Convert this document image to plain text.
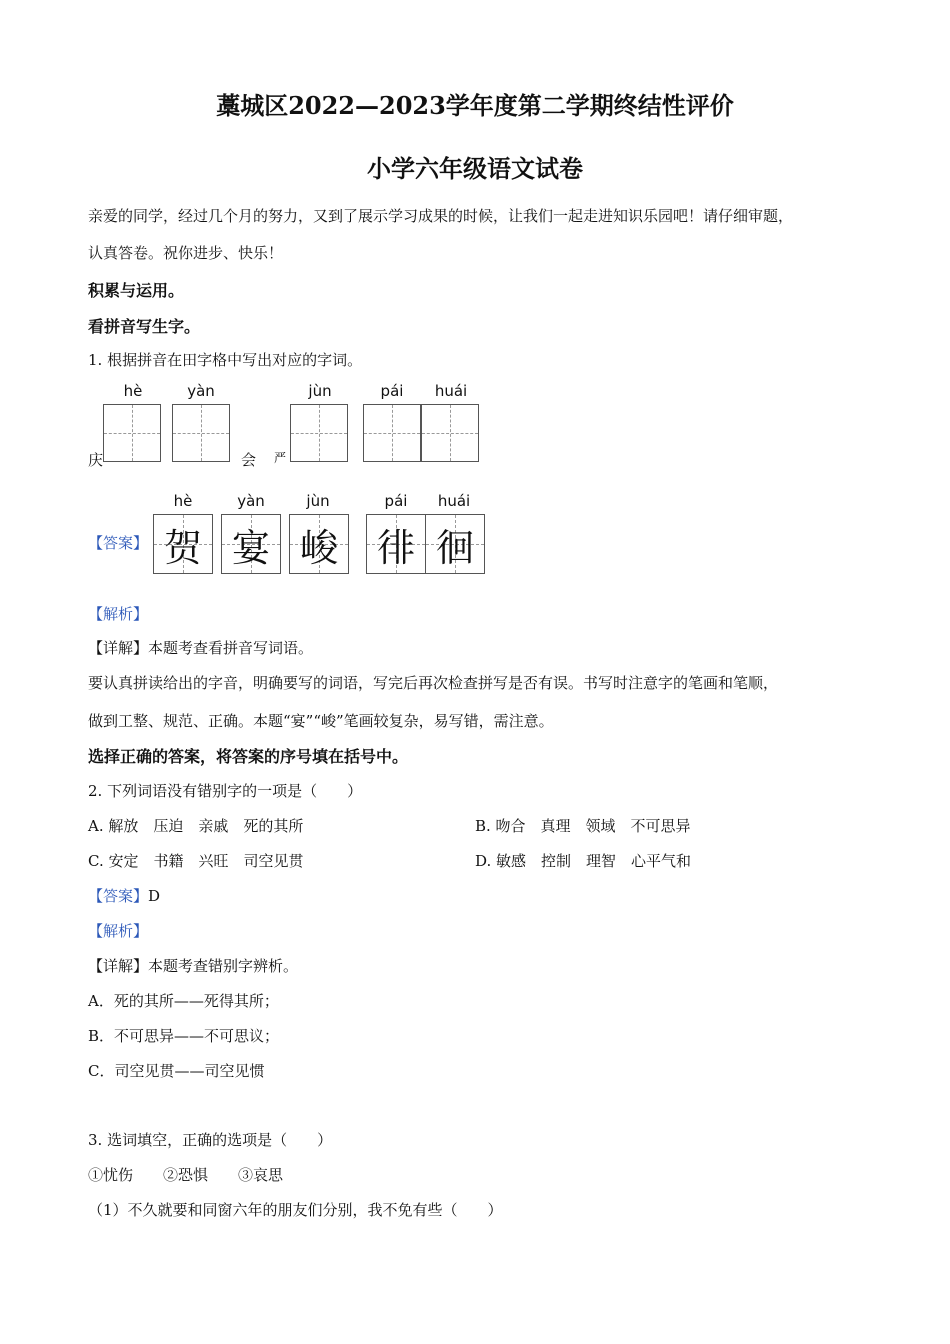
藁城区2022—2023学年度第二学期终结性评价
小学六年级语文试卷
亲爱的同学，经过几个月的努力，又到了展示学习成果的时候，让我们一起走进知识乐园吧！请仔细审题，
认真答卷。祝你进步、快乐！
积累与运用。
看拼音写生字。
1. 根据拼音在田字格中写出对应的字词。
hè	yàn	jùn	pái	huái
庆	会 严
【答案】
hè	yàn	jùn	pái	huái
贺 宴 峻 徘 徊
【解析】
【详解】本题考查看拼音写词语。
要认真拼读给出的字音，明确要写的词语，写完后再次检查拼写是否有误。书写时注意字的笔画和笔顺，
做到工整、规范、正确。本题“宴”“峻”笔画较复杂，易写错，需注意。
选择正确的答案，将答案的序号填在括号中。
2. 下列词语没有错别字的一项是（　　）
A. 解放　压迫　亲戚　死的其所	B. 吻合　真理　领域　不可思异
C. 安定　书籍　兴旺　司空见贯	D. 敏感　控制　理智　心平气和
【答案】D
【解析】
【详解】本题考查错别字辨析。
A．死的其所——死得其所；
B．不可思异——不可思议；
C．司空见贯——司空见惯
3. 选词填空，正确的选项是（　　）
①忧伤　　②恐惧　　③哀思
（1）不久就要和同窗六年的朋友们分别，我不免有些（　　）
